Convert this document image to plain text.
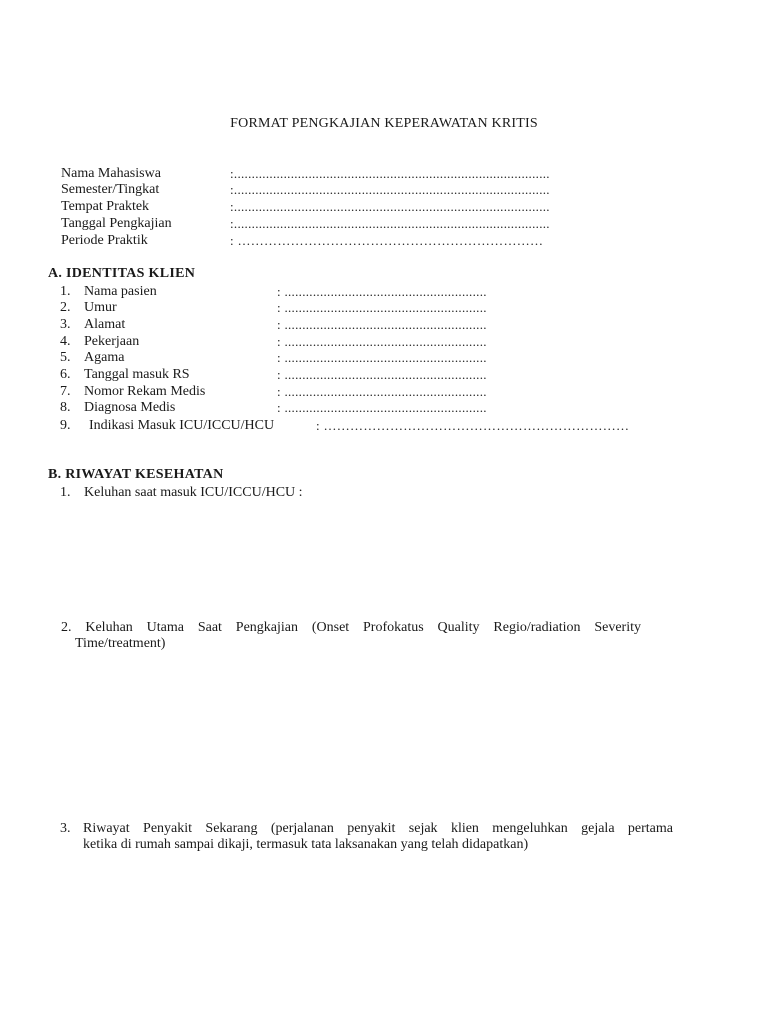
FORMAT PENGKAJIAN KEPERAWATAN KRITIS
Nama Mahasiswa	:.........................................................................................
Semester/Tingkat	:.........................................................................................
Tempat Praktek	:.........................................................................................
Tanggal Pengkajian	:.........................................................................................
Periode Praktik	: ……………………………………………………………
A. IDENTITAS KLIEN
1. Nama pasien	: .........................................................
2. Umur	: .........................................................
3. Alamat	: .........................................................
4. Pekerjaan	: .........................................................
5. Agama	: .........................................................
6. Tanggal masuk RS	: .........................................................
7. Nomor Rekam Medis	: .........................................................
8. Diagnosa Medis	: .........................................................
9. Indikasi Masuk ICU/ICCU/HCU	: ……………………………………………………………
B. RIWAYAT KESEHATAN
1. Keluhan saat masuk ICU/ICCU/HCU :
2. Keluhan Utama Saat Pengkajian (Onset Profokatus Quality Regio/radiation Severity
Time/treatment)
3. Riwayat Penyakit Sekarang (perjalanan penyakit sejak klien mengeluhkan gejala pertama
ketika di rumah sampai dikaji, termasuk tata laksanakan yang telah didapatkan)
